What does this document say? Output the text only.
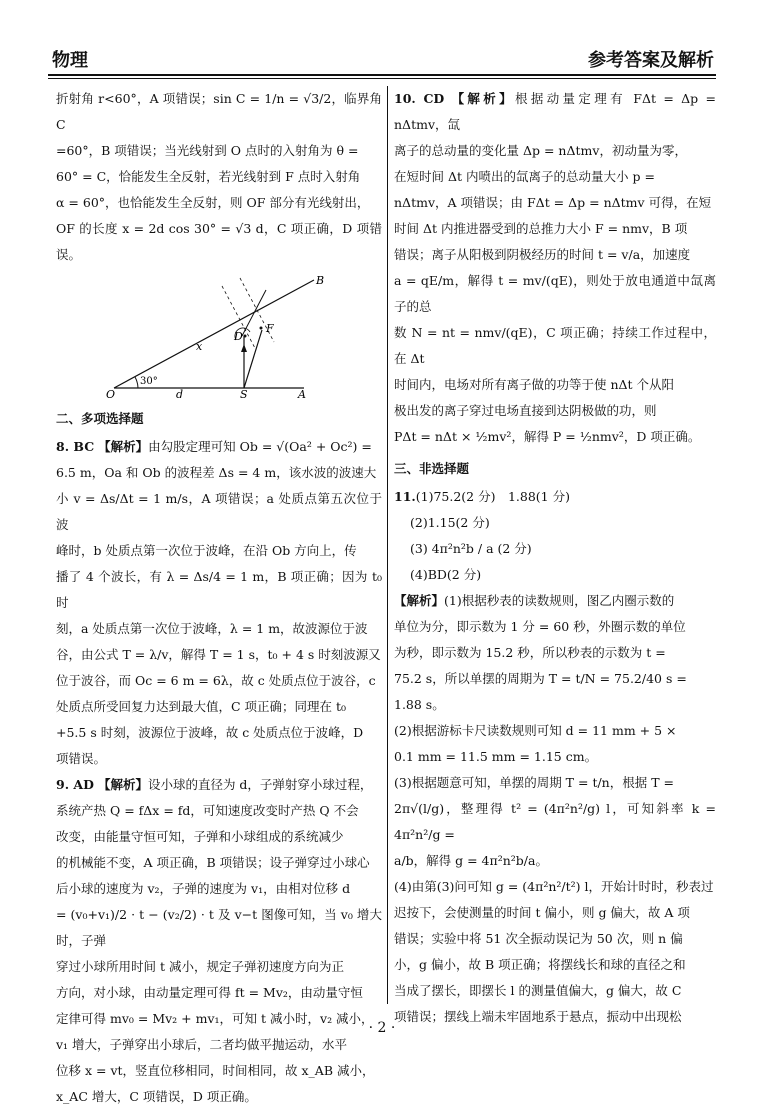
物理	参考答案及解析

折射角 r<60°，A 项错误；sin C = 1/n = √3/2，临界角 C

=60°，B 项错误；当光线射到 O 点时的入射角为 θ =

60° = C，恰能发生全反射，若光线射到 F 点时入射角

α = 60°，也恰能发生全反射，则 OF 部分有光线射出，

OF 的长度 x = 2d cos 30° = √3 d，C 项正确，D 项错误。

B
D
F
x
O
30°
d	S	A
二、多项选择题

8. BC 【解析】由勾股定理可知 Ob = √(Oa² + Oc²) =

6.5 m，Oa 和 Ob 的波程差 Δs = 4 m，该水波的波速大

小 v = Δs/Δt = 1 m/s，A 项错误；a 处质点第五次位于波

峰时，b 处质点第一次位于波峰，在沿 Ob 方向上，传

播了 4 个波长，有 λ = Δs/4 = 1 m，B 项正确；因为 t₀ 时

刻，a 处质点第一次位于波峰，λ = 1 m，故波源位于波

谷，由公式 T = λ/v，解得 T = 1 s，t₀ + 4 s 时刻波源又

位于波谷，而 Oc = 6 m = 6λ，故 c 处质点位于波谷，c

处质点所受回复力达到最大值，C 项正确；同理在 t₀

+5.5 s 时刻，波源位于波峰，故 c 处质点位于波峰，D

项错误。

9. AD 【解析】设小球的直径为 d，子弹射穿小球过程，

系统产热 Q = fΔx = fd，可知速度改变时产热 Q 不会

改变，由能量守恒可知，子弹和小球组成的系统减少

的机械能不变，A 项正确，B 项错误；设子弹穿过小球心

后小球的速度为 v₂，子弹的速度为 v₁，由相对位移 d

= (v₀+v₁)/2 · t − (v₂/2) · t 及 v−t 图像可知，当 v₀ 增大时，子弹

穿过小球所用时间 t 减小，规定子弹初速度方向为正

方向，对小球，由动量定理可得 ft = Mv₂，由动量守恒

定律可得 mv₀ = Mv₂ + mv₁，可知 t 减小时，v₂ 减小，

v₁ 增大，子弹穿出小球后，二者均做平抛运动，水平

位移 x = vt，竖直位移相同，时间相同，故 x_AB 减小，

x_AC 增大，C 项错误，D 项正确。

10. CD 【解析】根据动量定理有 FΔt = Δp = nΔtmv，氙

离子的总动量的变化量 Δp = nΔtmv，初动量为零，

在短时间 Δt 内喷出的氙离子的总动量大小 p =

nΔtmv，A 项错误；由 FΔt = Δp = nΔtmv 可得，在短

时间 Δt 内推进器受到的总推力大小 F = nmv，B 项

错误；离子从阳极到阴极经历的时间 t = v/a，加速度

a = qE/m，解得 t = mv/(qE)，则处于放电通道中氙离子的总

数 N = nt = nmv/(qE)，C 项正确；持续工作过程中，在 Δt

时间内，电场对所有离子做的功等于使 nΔt 个从阳

极出发的离子穿过电场直接到达阴极做的功，则

PΔt = nΔt × ½mv²，解得 P = ½nmv²，D 项正确。

三、非选择题

11.(1)75.2(2 分)　1.88(1 分)

(2)1.15(2 分)

(3) 4π²n²b / a (2 分)

(4)BD(2 分)

【解析】(1)根据秒表的读数规则，图乙内圈示数的

单位为分，即示数为 1 分 = 60 秒，外圈示数的单位

为秒，即示数为 15.2 秒，所以秒表的示数为 t =

75.2 s，所以单摆的周期为 T = t/N = 75.2/40 s =

1.88 s。

(2)根据游标卡尺读数规则可知 d = 11 mm + 5 ×

0.1 mm = 11.5 mm = 1.15 cm。

(3)根据题意可知，单摆的周期 T = t/n，根据 T =

2π√(l/g)，整理得 t² = (4π²n²/g) l，可知斜率 k = 4π²n²/g =

a/b，解得 g = 4π²n²b/a。

(4)由第(3)问可知 g = (4π²n²/t²) l，开始计时时，秒表过

迟按下，会使测量的时间 t 偏小，则 g 偏大，故 A 项

错误；实验中将 51 次全振动误记为 50 次，则 n 偏

小，g 偏小，故 B 项正确；将摆线长和球的直径之和

当成了摆长，即摆长 l 的测量值偏大，g 偏大，故 C

项错误；摆线上端未牢固地系于悬点，振动中出现松

· 2 ·
